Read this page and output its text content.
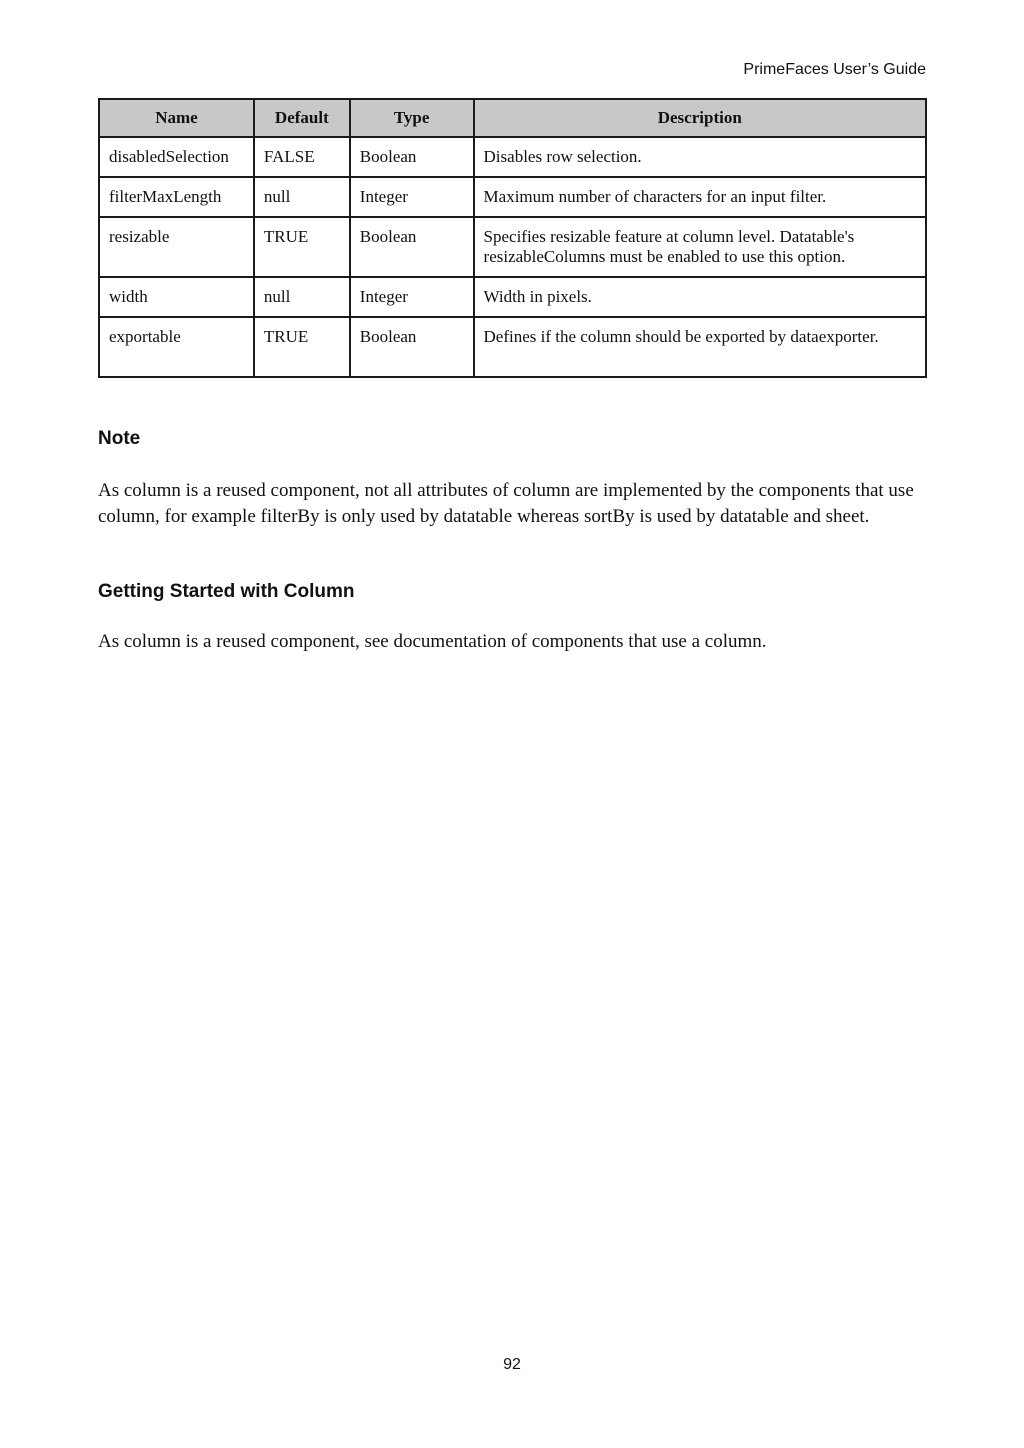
PrimeFaces User’s Guide
Name	Default	Type	Description
disabledSelection	FALSE	Boolean	Disables row selection.
filterMaxLength	null	Integer	Maximum number of characters for an input filter.
resizable	TRUE	Boolean	Specifies resizable feature at column level. Datatable's resizableColumns must be enabled to use this option.
width	null	Integer	Width in pixels.
exportable	TRUE	Boolean	Defines if the column should be exported by dataexporter.
Note

As column is a reused component, not all attributes of column are implemented by the components that use column, for example filterBy is only used by datatable whereas sortBy is used by datatable and sheet.

Getting Started with Column

As column is a reused component, see documentation of components that use a column.

92
